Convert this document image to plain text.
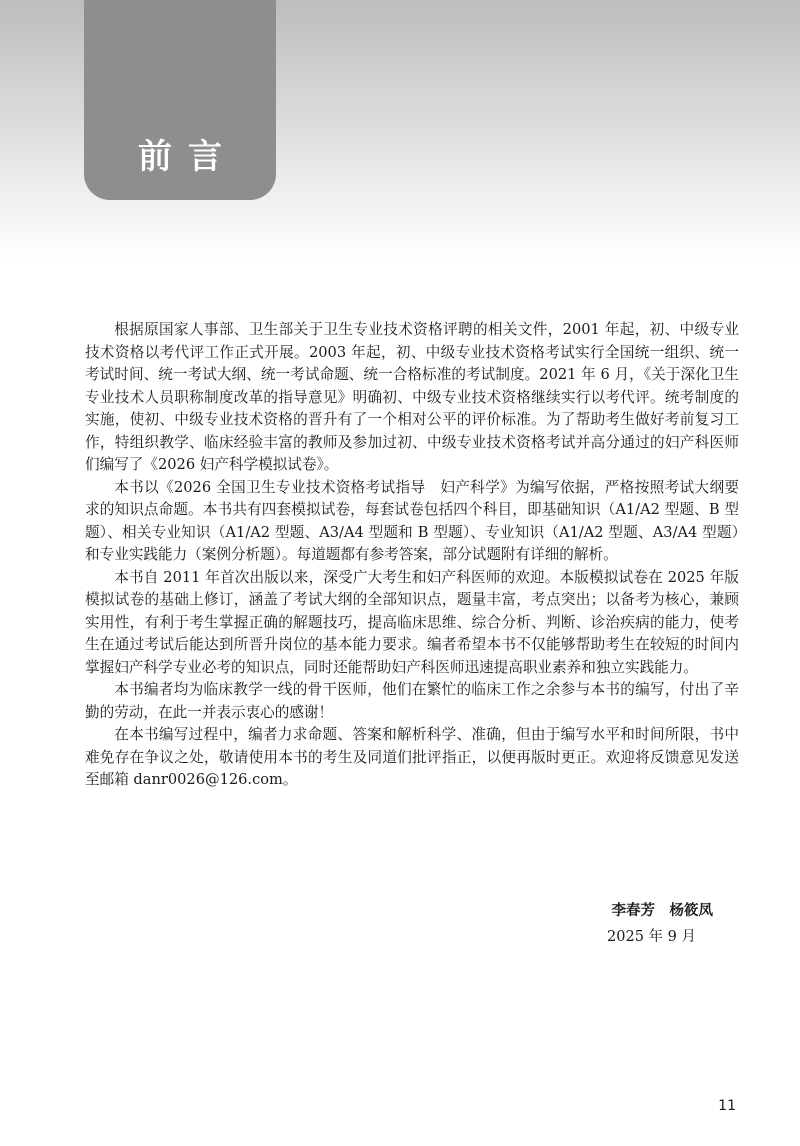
前言

根据原国家人事部、卫生部关于卫生专业技术资格评聘的相关文件，2001 年起，初、中级专业技术资格以考代评工作正式开展。2003 年起，初、中级专业技术资格考试实行全国统一组织、统一考试时间、统一考试大纲、统一考试命题、统一合格标准的考试制度。2021 年 6 月，《关于深化卫生专业技术人员职称制度改革的指导意见》明确初、中级专业技术资格继续实行以考代评。统考制度的实施，使初、中级专业技术资格的晋升有了一个相对公平的评价标准。为了帮助考生做好考前复习工作，特组织教学、临床经验丰富的教师及参加过初、中级专业技术资格考试并高分通过的妇产科医师们编写了《2026 妇产科学模拟试卷》。

本书以《2026 全国卫生专业技术资格考试指导　妇产科学》为编写依据，严格按照考试大纲要求的知识点命题。本书共有四套模拟试卷，每套试卷包括四个科目，即基础知识（A1/A2 型题、B 型题）、相关专业知识（A1/A2 型题、A3/A4 型题和 B 型题）、专业知识（A1/A2 型题、A3/A4 型题）和专业实践能力（案例分析题）。每道题都有参考答案，部分试题附有详细的解析。

本书自 2011 年首次出版以来，深受广大考生和妇产科医师的欢迎。本版模拟试卷在 2025 年版模拟试卷的基础上修订，涵盖了考试大纲的全部知识点，题量丰富，考点突出；以备考为核心，兼顾实用性，有利于考生掌握正确的解题技巧，提高临床思维、综合分析、判断、诊治疾病的能力，使考生在通过考试后能达到所晋升岗位的基本能力要求。编者希望本书不仅能够帮助考生在较短的时间内掌握妇产科学专业必考的知识点，同时还能帮助妇产科医师迅速提高职业素养和独立实践能力。

本书编者均为临床教学一线的骨干医师，他们在繁忙的临床工作之余参与本书的编写，付出了辛勤的劳动，在此一并表示衷心的感谢！

在本书编写过程中，编者力求命题、答案和解析科学、准确，但由于编写水平和时间所限，书中难免存在争议之处，敬请使用本书的考生及同道们批评指正，以便再版时更正。欢迎将反馈意见发送至邮箱 danr0026@126.com。

李春芳　杨筱凤
2025 年 9 月
11
